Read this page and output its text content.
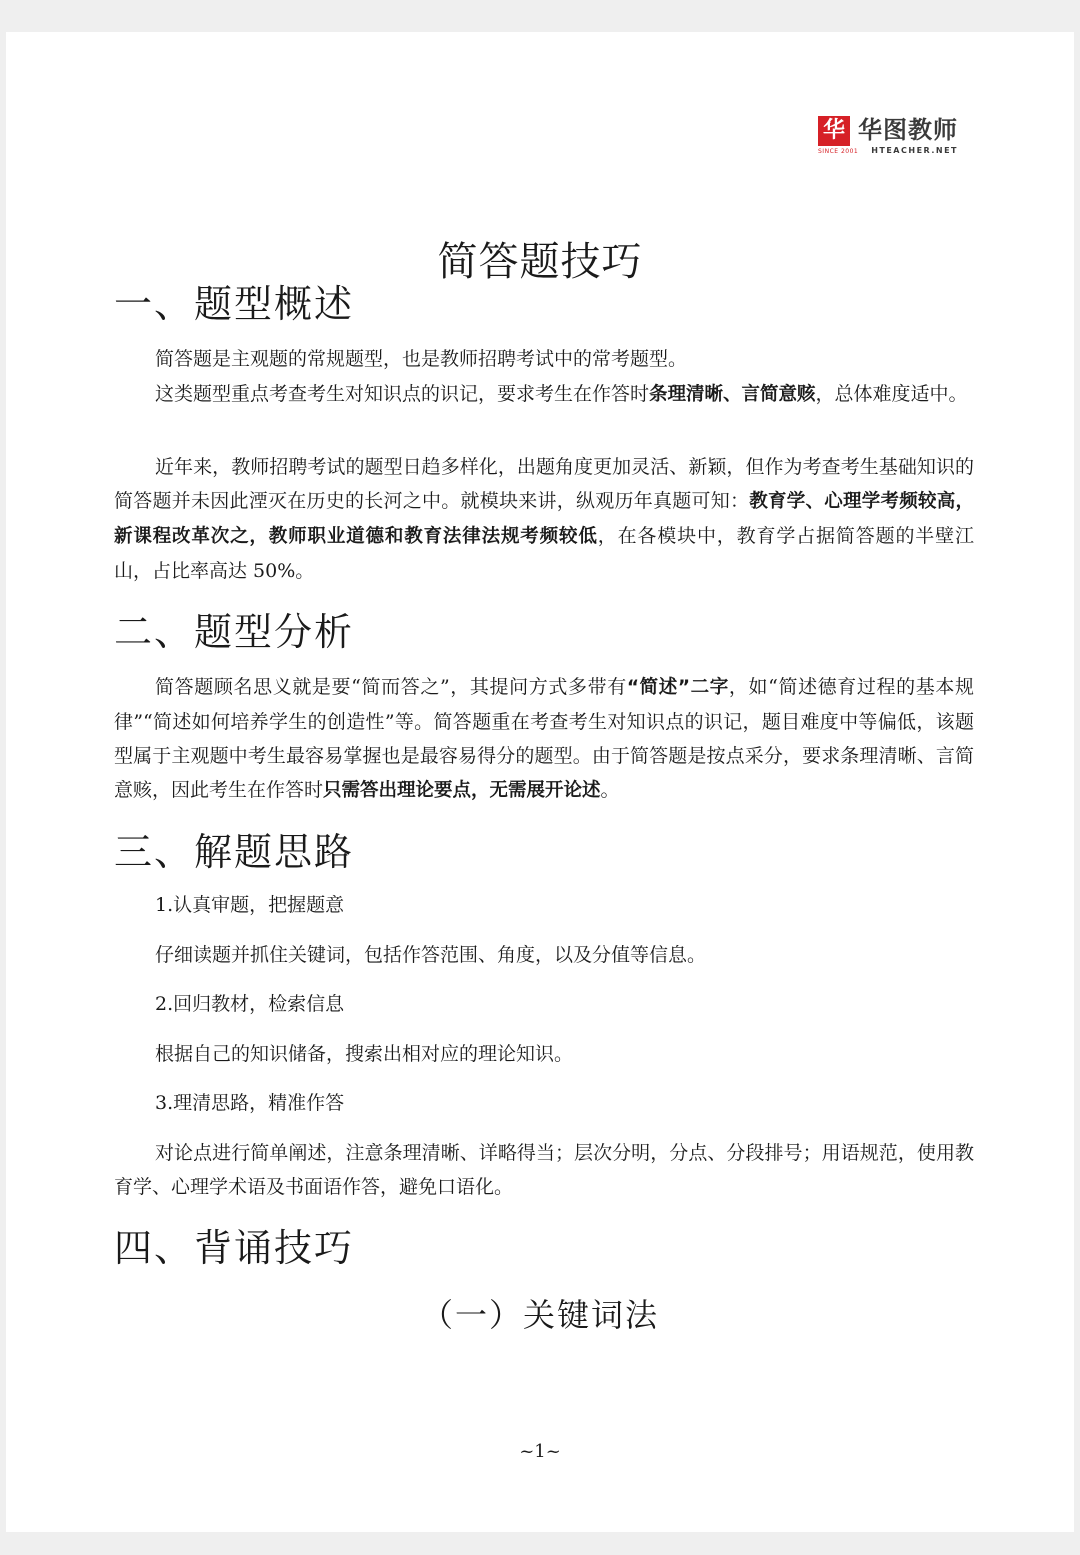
华
SINCE 2001
华图教师
HTEACHER.NET
简答题技巧
一、题型概述

简答题是主观题的常规题型，也是教师招聘考试中的常考题型。

这类题型重点考查考生对知识点的识记，要求考生在作答时条理清晰、言简意赅，总体难度适中。

近年来，教师招聘考试的题型日趋多样化，出题角度更加灵活、新颖，但作为考查考生基础知识的简答题并未因此湮灭在历史的长河之中。就模块来讲，纵观历年真题可知：教育学、心理学考频较高，新课程改革次之，教师职业道德和教育法律法规考频较低，在各模块中，教育学占据简答题的半壁江山，占比率高达 50%。

二、题型分析

简答题顾名思义就是要“简而答之”，其提问方式多带有“简述”二字，如“简述德育过程的基本规律”“简述如何培养学生的创造性”等。简答题重在考查考生对知识点的识记，题目难度中等偏低，该题型属于主观题中考生最容易掌握也是最容易得分的题型。由于简答题是按点采分，要求条理清晰、言简意赅，因此考生在作答时只需答出理论要点，无需展开论述。

三、解题思路

1.认真审题，把握题意

仔细读题并抓住关键词，包括作答范围、角度，以及分值等信息。

2.回归教材，检索信息

根据自己的知识储备，搜索出相对应的理论知识。

3.理清思路，精准作答

对论点进行简单阐述，注意条理清晰、详略得当；层次分明，分点、分段排号；用语规范，使用教育学、心理学术语及书面语作答，避免口语化。

四、背诵技巧
（一）关键词法
~1~
